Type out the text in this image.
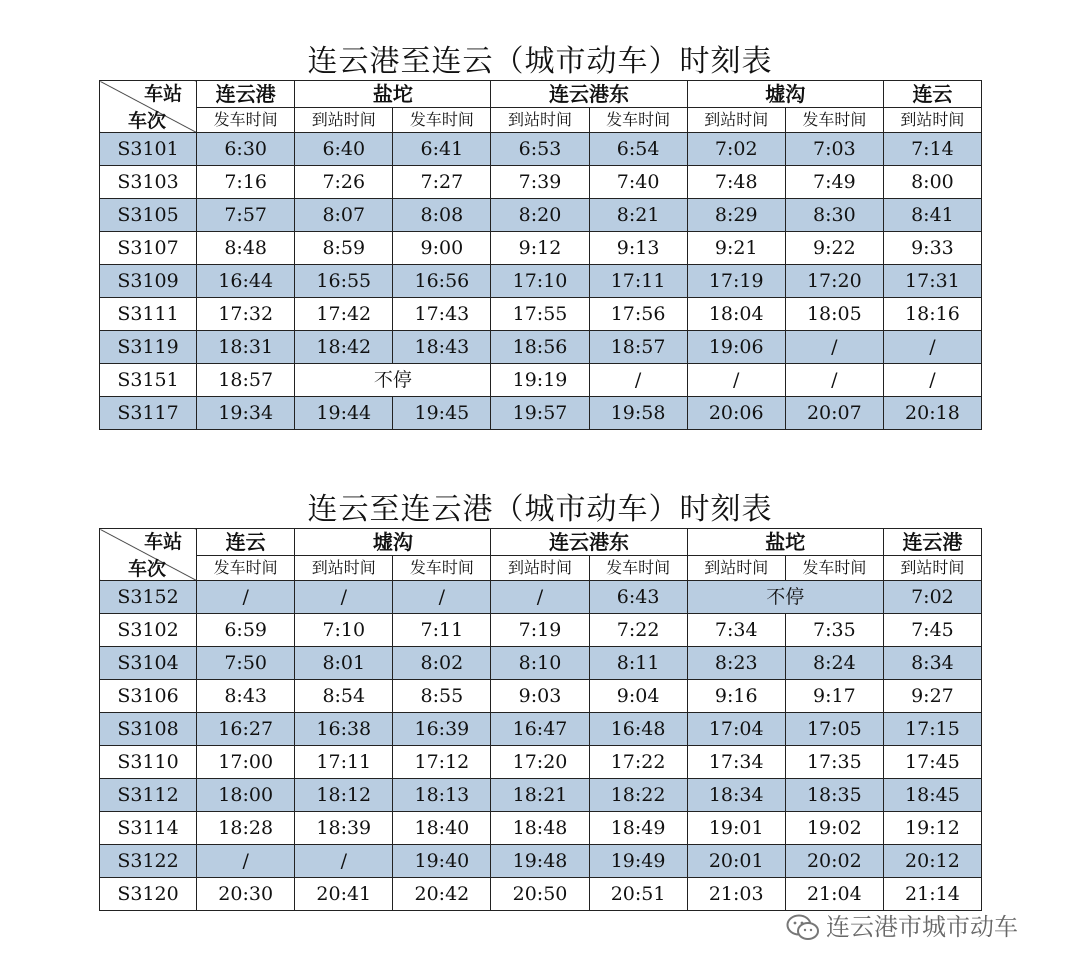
连云港至连云（城市动车）时刻表
车站
车次	连云港	盐坨		连云港东		墟沟		连云
	发车时间	到站时间	发车时间	到站时间	发车时间	到站时间	发车时间	到站时间
S3101	6:30	6:40	6:41	6:53	6:54	7:02	7:03	7:14
S3103	7:16	7:26	7:27	7:39	7:40	7:48	7:49	8:00
S3105	7:57	8:07	8:08	8:20	8:21	8:29	8:30	8:41
S3107	8:48	8:59	9:00	9:12	9:13	9:21	9:22	9:33
S3109	16:44	16:55	16:56	17:10	17:11	17:19	17:20	17:31
S3111	17:32	17:42	17:43	17:55	17:56	18:04	18:05	18:16
S3119	18:31	18:42	18:43	18:56	18:57	19:06	/	/
S3151	18:57	不停		19:19	/	/	/	/
S3117	19:34	19:44	19:45	19:57	19:58	20:06	20:07	20:18
连云至连云港（城市动车）时刻表
车站
车次	连云	墟沟		连云港东		盐坨		连云港
	发车时间	到站时间	发车时间	到站时间	发车时间	到站时间	发车时间	到站时间
S3152	/	/	/	/	6:43	不停		7:02
S3102	6:59	7:10	7:11	7:19	7:22	7:34	7:35	7:45
S3104	7:50	8:01	8:02	8:10	8:11	8:23	8:24	8:34
S3106	8:43	8:54	8:55	9:03	9:04	9:16	9:17	9:27
S3108	16:27	16:38	16:39	16:47	16:48	17:04	17:05	17:15
S3110	17:00	17:11	17:12	17:20	17:22	17:34	17:35	17:45
S3112	18:00	18:12	18:13	18:21	18:22	18:34	18:35	18:45
S3114	18:28	18:39	18:40	18:48	18:49	19:01	19:02	19:12
S3122	/	/	19:40	19:48	19:49	20:01	20:02	20:12
S3120	20:30	20:41	20:42	20:50	20:51	21:03	21:04	21:14
连云港市城市动车
